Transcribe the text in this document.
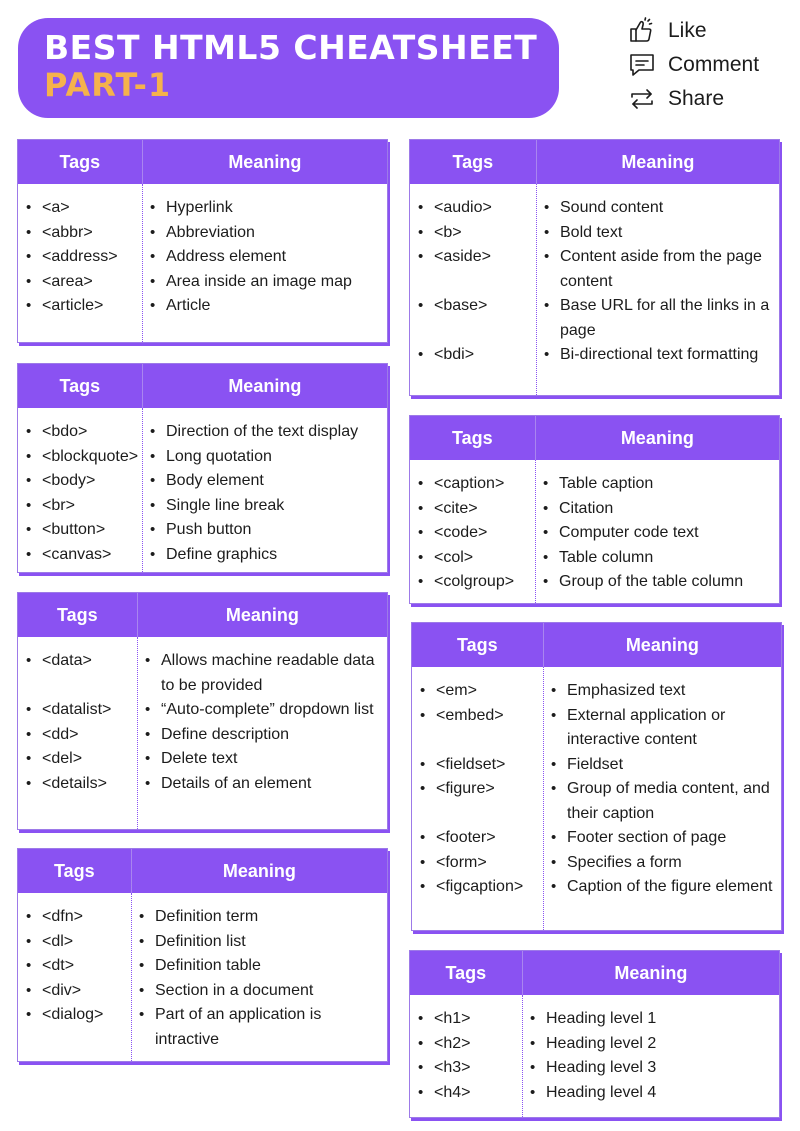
BEST HTML5 CHEATSHEET
PART-1
Like
Comment
Share
Tags	Meaning
• <a>	• Hyperlink
• <abbr>	• Abbreviation
• <address> • Address element
• <area>	• Area inside an image map
• <article>	• Article
Tags	Meaning
• <bdo>	• Direction of the text display
• <blockquote> • Long quotation
• <body>	• Body element
• <br>	• Single line break
• <button>	• Push button
• <canvas>	• Define graphics
Tags	Meaning
• <data>	• Allows machine readable data to be provided
• <datalist> • “Auto-complete” dropdown list
• <dd>	• Define description
• <del>	• Delete text
• <details>	• Details of an element
Tags	Meaning
• <dfn>	• Definition term
• <dl>	• Definition list
• <dt>	• Definition table
• <div>	• Section in a document
• <dialog> • Part of an application is intractive
Tags	Meaning
• <audio>	• Sound content
• <b>	• Bold text
• <aside>	• Content aside from the page content
• <base>	• Base URL for all the links in a page
• <bdi>	• Bi-directional text formatting
Tags	Meaning
• <caption>	• Table caption
• <cite>	• Citation
• <code>	• Computer code text
• <col>	• Table column
• <colgroup> • Group of the table column
Tags	Meaning
• <em>	• Emphasized text
• <embed>	• External application or interactive content
• <fieldset>	• Fieldset
• <figure>	• Group of media content, and their caption
• <footer>	• Footer section of page
• <form>	• Specifies a form
• <figcaption> • Caption of the figure element
Tags	Meaning
• <h1>	• Heading level 1
• <h2>	• Heading level 2
• <h3>	• Heading level 3
• <h4>	• Heading level 4
